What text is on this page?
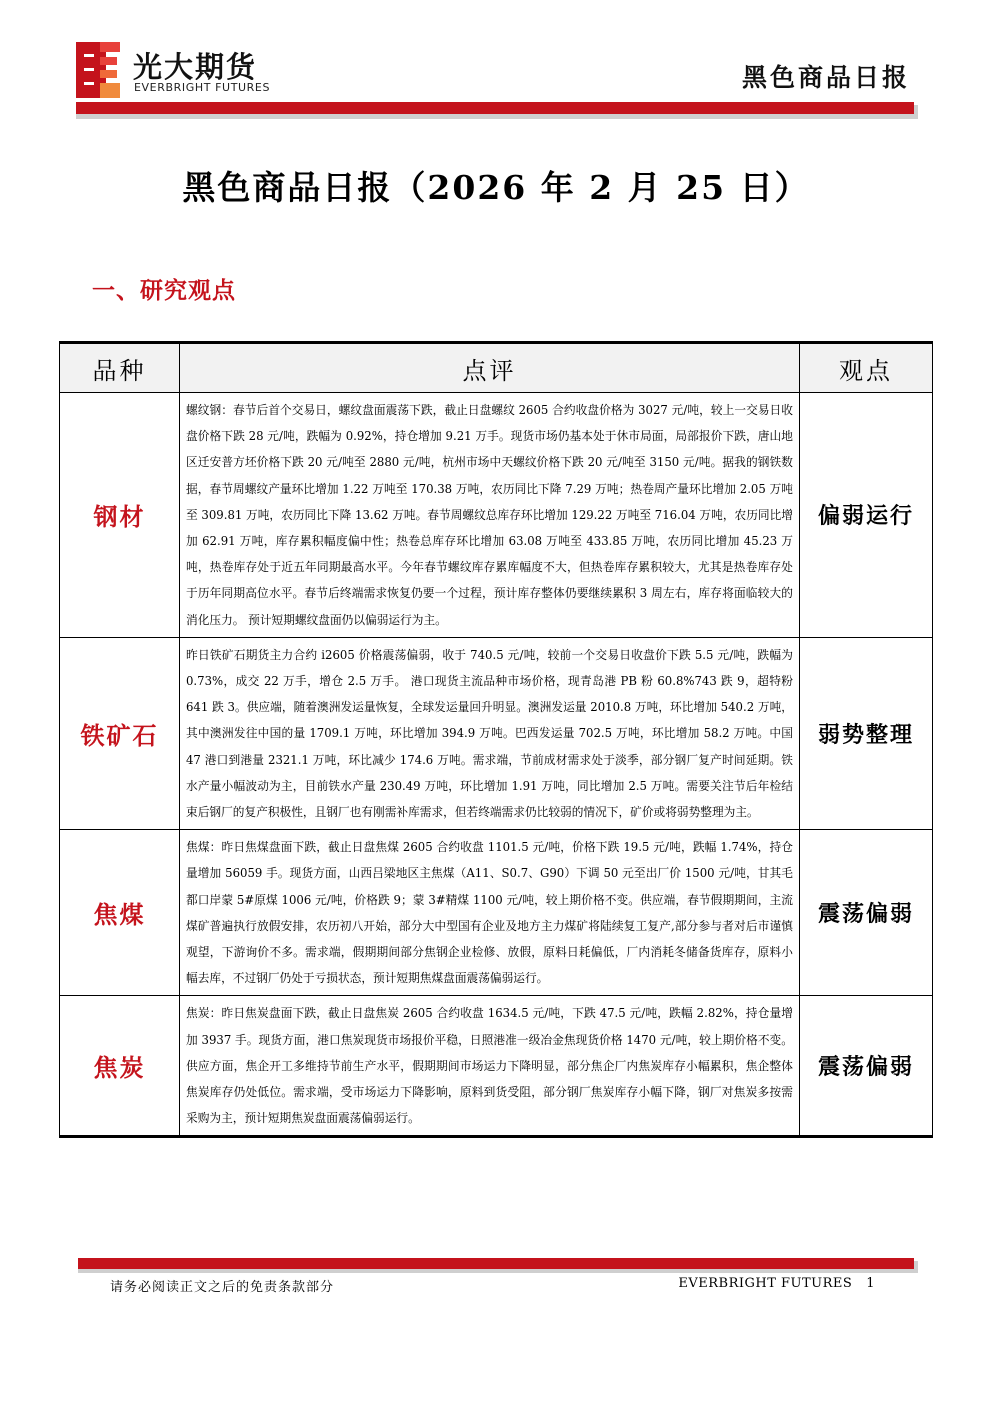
光大期货
EVERBRIGHT FUTURES	黑色商品日报
黑色商品日报（2026 年 2 月 25 日）
一、研究观点
品种	点评	观点
钢材	螺纹钢：春节后首个交易日，螺纹盘面震荡下跌，截止日盘螺纹 2605 合约收盘价格为 3027 元/吨，较上一交易日收盘价格下跌 28 元/吨，跌幅为 0.92%，持仓增加 9.21 万手。现货市场仍基本处于休市局面，局部报价下跌，唐山地区迁安普方坯价格下跌 20 元/吨至 2880 元/吨，杭州市场中天螺纹价格下跌 20 元/吨至 3150 元/吨。据我的钢铁数据，春节周螺纹产量环比增加 1.22 万吨至 170.38 万吨，农历同比下降 7.29 万吨；热卷周产量环比增加 2.05 万吨至 309.81 万吨，农历同比下降 13.62 万吨。春节周螺纹总库存环比增加 129.22 万吨至 716.04 万吨，农历同比增加 62.91 万吨，库存累积幅度偏中性；热卷总库存环比增加 63.08 万吨至 433.85 万吨，农历同比增加 45.23 万吨，热卷库存处于近五年同期最高水平。今年春节螺纹库存累库幅度不大，但热卷库存累积较大，尤其是热卷库存处于历年同期高位水平。春节后终端需求恢复仍要一个过程，预计库存整体仍要继续累积 3 周左右，库存将面临较大的消化压力。 预计短期螺纹盘面仍以偏弱运行为主。	偏弱运行
铁矿石	昨日铁矿石期货主力合约 i2605 价格震荡偏弱，收于 740.5 元/吨，较前一个交易日收盘价下跌 5.5 元/吨，跌幅为 0.73%，成交 22 万手，增仓 2.5 万手。 港口现货主流品种市场价格，现青岛港 PB 粉 60.8%743 跌 9，超特粉 641 跌 3。供应端，随着澳洲发运量恢复，全球发运量回升明显。澳洲发运量 2010.8 万吨，环比增加 540.2 万吨，其中澳洲发往中国的量 1709.1 万吨，环比增加 394.9 万吨。巴西发运量 702.5 万吨，环比增加 58.2 万吨。中国 47 港口到港量 2321.1 万吨，环比减少 174.6 万吨。需求端，节前成材需求处于淡季，部分钢厂复产时间延期。铁水产量小幅波动为主，目前铁水产量 230.49 万吨，环比增加 1.91 万吨，同比增加 2.5 万吨。需要关注节后年检结束后钢厂的复产积极性，且钢厂也有刚需补库需求，但若终端需求仍比较弱的情况下，矿价或将弱势整理为主。	弱势整理
焦煤	焦煤：昨日焦煤盘面下跌，截止日盘焦煤 2605 合约收盘 1101.5 元/吨，价格下跌 19.5 元/吨，跌幅 1.74%，持仓量增加 56059 手。现货方面，山西吕梁地区主焦煤（A11、S0.7、G90）下调 50 元至出厂价 1500 元/吨，甘其毛都口岸蒙 5#原煤 1006 元/吨，价格跌 9；蒙 3#精煤 1100 元/吨，较上期价格不变。供应端，春节假期期间，主流煤矿普遍执行放假安排，农历初八开始，部分大中型国有企业及地方主力煤矿将陆续复工复产,部分参与者对后市谨慎观望，下游询价不多。需求端，假期期间部分焦钢企业检修、放假，原料日耗偏低，厂内消耗冬储备货库存，原料小幅去库，不过钢厂仍处于亏损状态，预计短期焦煤盘面震荡偏弱运行。	震荡偏弱
焦炭	焦炭：昨日焦炭盘面下跌，截止日盘焦炭 2605 合约收盘 1634.5 元/吨，下跌 47.5 元/吨，跌幅 2.82%，持仓量增加 3937 手。现货方面，港口焦炭现货市场报价平稳，日照港准一级冶金焦现货价格 1470 元/吨，较上期价格不变。供应方面，焦企开工多维持节前生产水平，假期期间市场运力下降明显，部分焦企厂内焦炭库存小幅累积，焦企整体焦炭库存仍处低位。需求端，受市场运力下降影响，原料到货受阻，部分钢厂焦炭库存小幅下降，钢厂对焦炭多按需采购为主，预计短期焦炭盘面震荡偏弱运行。	震荡偏弱
请务必阅读正文之后的免责条款部分	EVERBRIGHT FUTURES 1
